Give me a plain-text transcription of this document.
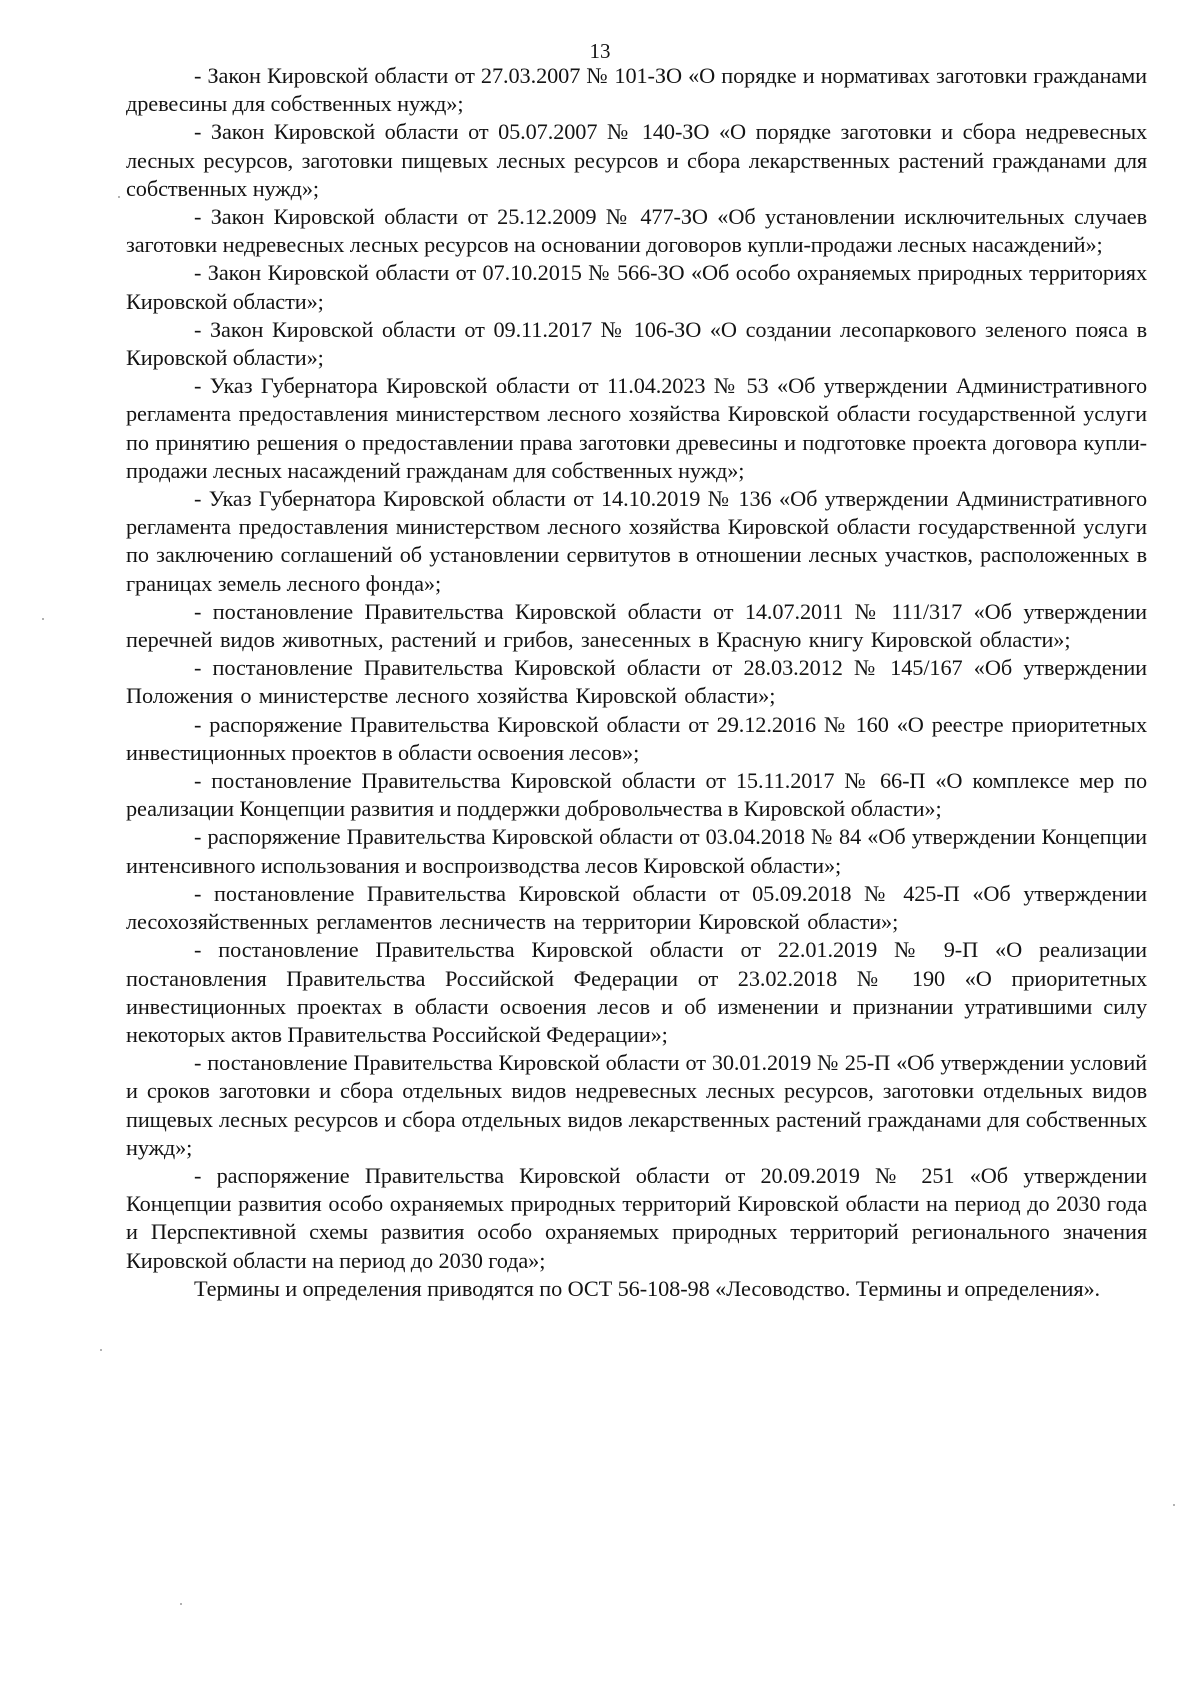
13

- Закон Кировской области от 27.03.2007 № 101-ЗО «О порядке и нормативах заготовки гражданами древесины для собственных нужд»;

- Закон Кировской области от 05.07.2007 № 140-ЗО «О порядке заготовки и сбора недревесных лесных ресурсов, заготовки пищевых лесных ресурсов и сбора лекарственных растений гражданами для собственных нужд»;

- Закон Кировской области от 25.12.2009 № 477-ЗО «Об установлении исключительных случаев заготовки недревесных лесных ресурсов на основании договоров купли-продажи лесных насаждений»;

- Закон Кировской области от 07.10.2015 № 566-ЗО «Об особо охраняемых природных территориях Кировской области»;

- Закон Кировской области от 09.11.2017 № 106-ЗО «О создании лесопаркового зеленого пояса в Кировской области»;

- Указ Губернатора Кировской области от 11.04.2023 № 53 «Об утверждении Административного регламента предоставления министерством лесного хозяйства Кировской области государственной услуги по принятию решения о предоставлении права заготовки древесины и подготовке проекта договора купли-продажи лесных насаждений гражданам для собственных нужд»;

- Указ Губернатора Кировской области от 14.10.2019 № 136 «Об утверждении Административного регламента предоставления министерством лесного хозяйства Кировской области государственной услуги по заключению соглашений об установлении сервитутов в отношении лесных участков, расположенных в границах земель лесного фонда»;

- постановление Правительства Кировской области от 14.07.2011 № 111/317 «Об утверждении перечней видов животных, растений и грибов, занесенных в Красную книгу Кировской области»;

- постановление Правительства Кировской области от 28.03.2012 № 145/167 «Об утверждении Положения о министерстве лесного хозяйства Кировской области»;

- распоряжение Правительства Кировской области от 29.12.2016 № 160 «О реестре приоритетных инвестиционных проектов в области освоения лесов»;

- постановление Правительства Кировской области от 15.11.2017 № 66-П «О комплексе мер по реализации Концепции развития и поддержки добровольчества в Кировской области»;

- распоряжение Правительства Кировской области от 03.04.2018 № 84 «Об утверждении Концепции интенсивного использования и воспроизводства лесов Кировской области»;

- постановление Правительства Кировской области от 05.09.2018 № 425-П «Об утверждении лесохозяйственных регламентов лесничеств на территории Кировской области»;

- постановление Правительства Кировской области от 22.01.2019 № 9-П «О реализации постановления Правительства Российской Федерации от 23.02.2018 № 190 «О приоритетных инвестиционных проектах в области освоения лесов и об изменении и признании утратившими силу некоторых актов Правительства Российской Федерации»;

- постановление Правительства Кировской области от 30.01.2019 № 25-П «Об утверждении условий и сроков заготовки и сбора отдельных видов недревесных лесных ресурсов, заготовки отдельных видов пищевых лесных ресурсов и сбора отдельных видов лекарственных растений гражданами для собственных нужд»;

- распоряжение Правительства Кировской области от 20.09.2019 № 251 «Об утверждении Концепции развития особо охраняемых природных территорий Кировской области на период до 2030 года и Перспективной схемы развития особо охраняемых природных территорий регионального значения Кировской области на период до 2030 года»;

Термины и определения приводятся по ОСТ 56-108-98 «Лесоводство. Термины и определения».
